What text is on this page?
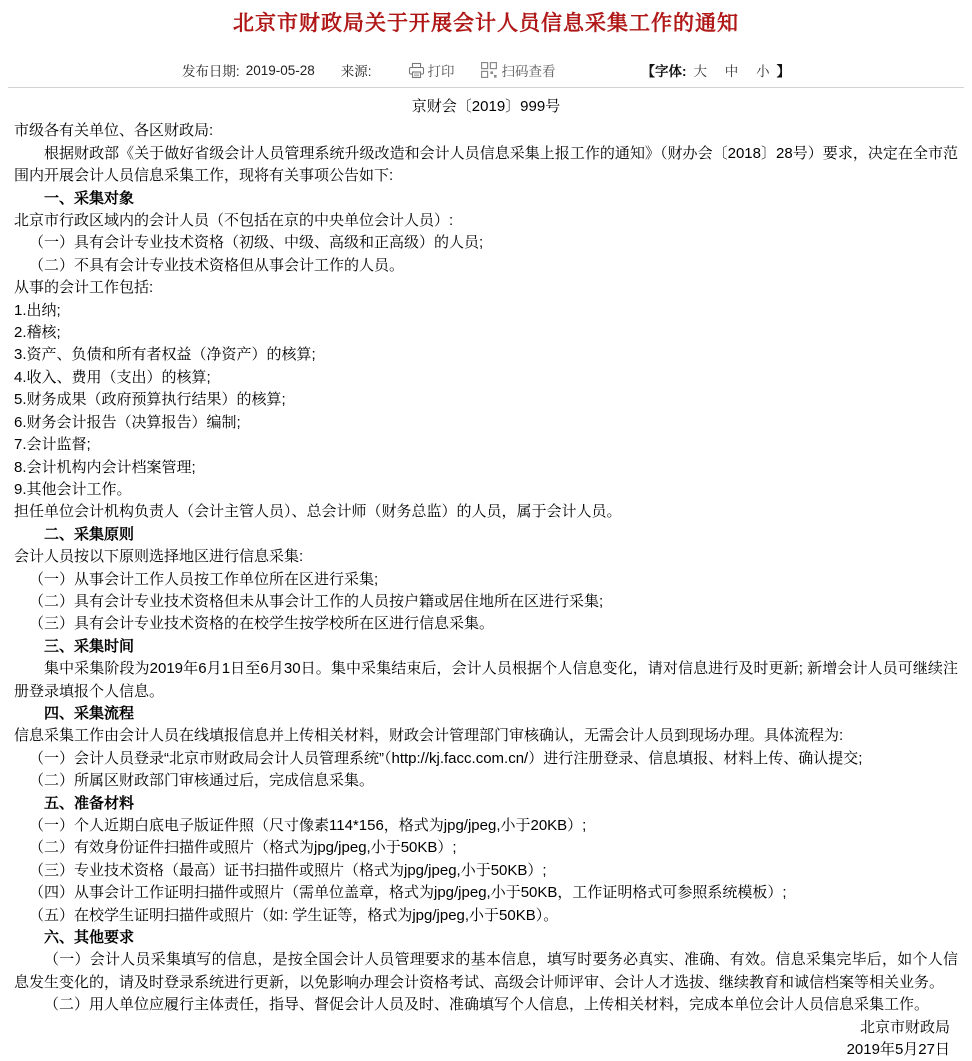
北京市财政局关于开展会计人员信息采集工作的通知
发布日期: 2019-05-28 来源:	打印	扫码查看	【字体: 大 中 小 】
京财会〔2019〕999号
市级各有关单位、各区财政局:
根据财政部《关于做好省级会计人员管理系统升级改造和会计人员信息采集上报工作的通知》（财办会〔2018〕28号）要求，决定在全市范围内开展会计人员信息采集工作，现将有关事项公告如下:
一、采集对象
北京市行政区域内的会计人员（不包括在京的中央单位会计人员）:
（一）具有会计专业技术资格（初级、中级、高级和正高级）的人员;
（二）不具有会计专业技术资格但从事会计工作的人员。
从事的会计工作包括:
1.出纳;
2.稽核;
3.资产、负债和所有者权益（净资产）的核算;
4.收入、费用（支出）的核算;
5.财务成果（政府预算执行结果）的核算;
6.财务会计报告（决算报告）编制;
7.会计监督;
8.会计机构内会计档案管理;
9.其他会计工作。
担任单位会计机构负责人（会计主管人员）、总会计师（财务总监）的人员，属于会计人员。
二、采集原则
会计人员按以下原则选择地区进行信息采集:
（一）从事会计工作人员按工作单位所在区进行采集;
（二）具有会计专业技术资格但未从事会计工作的人员按户籍或居住地所在区进行采集;
（三）具有会计专业技术资格的在校学生按学校所在区进行信息采集。
三、采集时间
集中采集阶段为2019年6月1日至6月30日。集中采集结束后，会计人员根据个人信息变化，请对信息进行及时更新; 新增会计人员可继续注册登录填报个人信息。
四、采集流程
信息采集工作由会计人员在线填报信息并上传相关材料，财政会计管理部门审核确认，无需会计人员到现场办理。具体流程为:
（一）会计人员登录“北京市财政局会计人员管理系统”（http://kj.facc.com.cn/）进行注册登录、信息填报、材料上传、确认提交;
（二）所属区财政部门审核通过后，完成信息采集。
五、准备材料
（一）个人近期白底电子版证件照（尺寸像素114*156，格式为jpg/jpeg,小于20KB）;
（二）有效身份证件扫描件或照片（格式为jpg/jpeg,小于50KB）;
（三）专业技术资格（最高）证书扫描件或照片（格式为jpg/jpeg,小于50KB）;
（四）从事会计工作证明扫描件或照片（需单位盖章，格式为jpg/jpeg,小于50KB，工作证明格式可参照系统模板）;
（五）在校学生证明扫描件或照片（如: 学生证等，格式为jpg/jpeg,小于50KB）。
六、其他要求
（一）会计人员采集填写的信息，是按全国会计人员管理要求的基本信息，填写时要务必真实、准确、有效。信息采集完毕后，如个人信息发生变化的，请及时登录系统进行更新，以免影响办理会计资格考试、高级会计师评审、会计人才选拔、继续教育和诚信档案等相关业务。
（二）用人单位应履行主体责任，指导、督促会计人员及时、准确填写个人信息，上传相关材料，完成本单位会计人员信息采集工作。
北京市财政局
2019年5月27日
